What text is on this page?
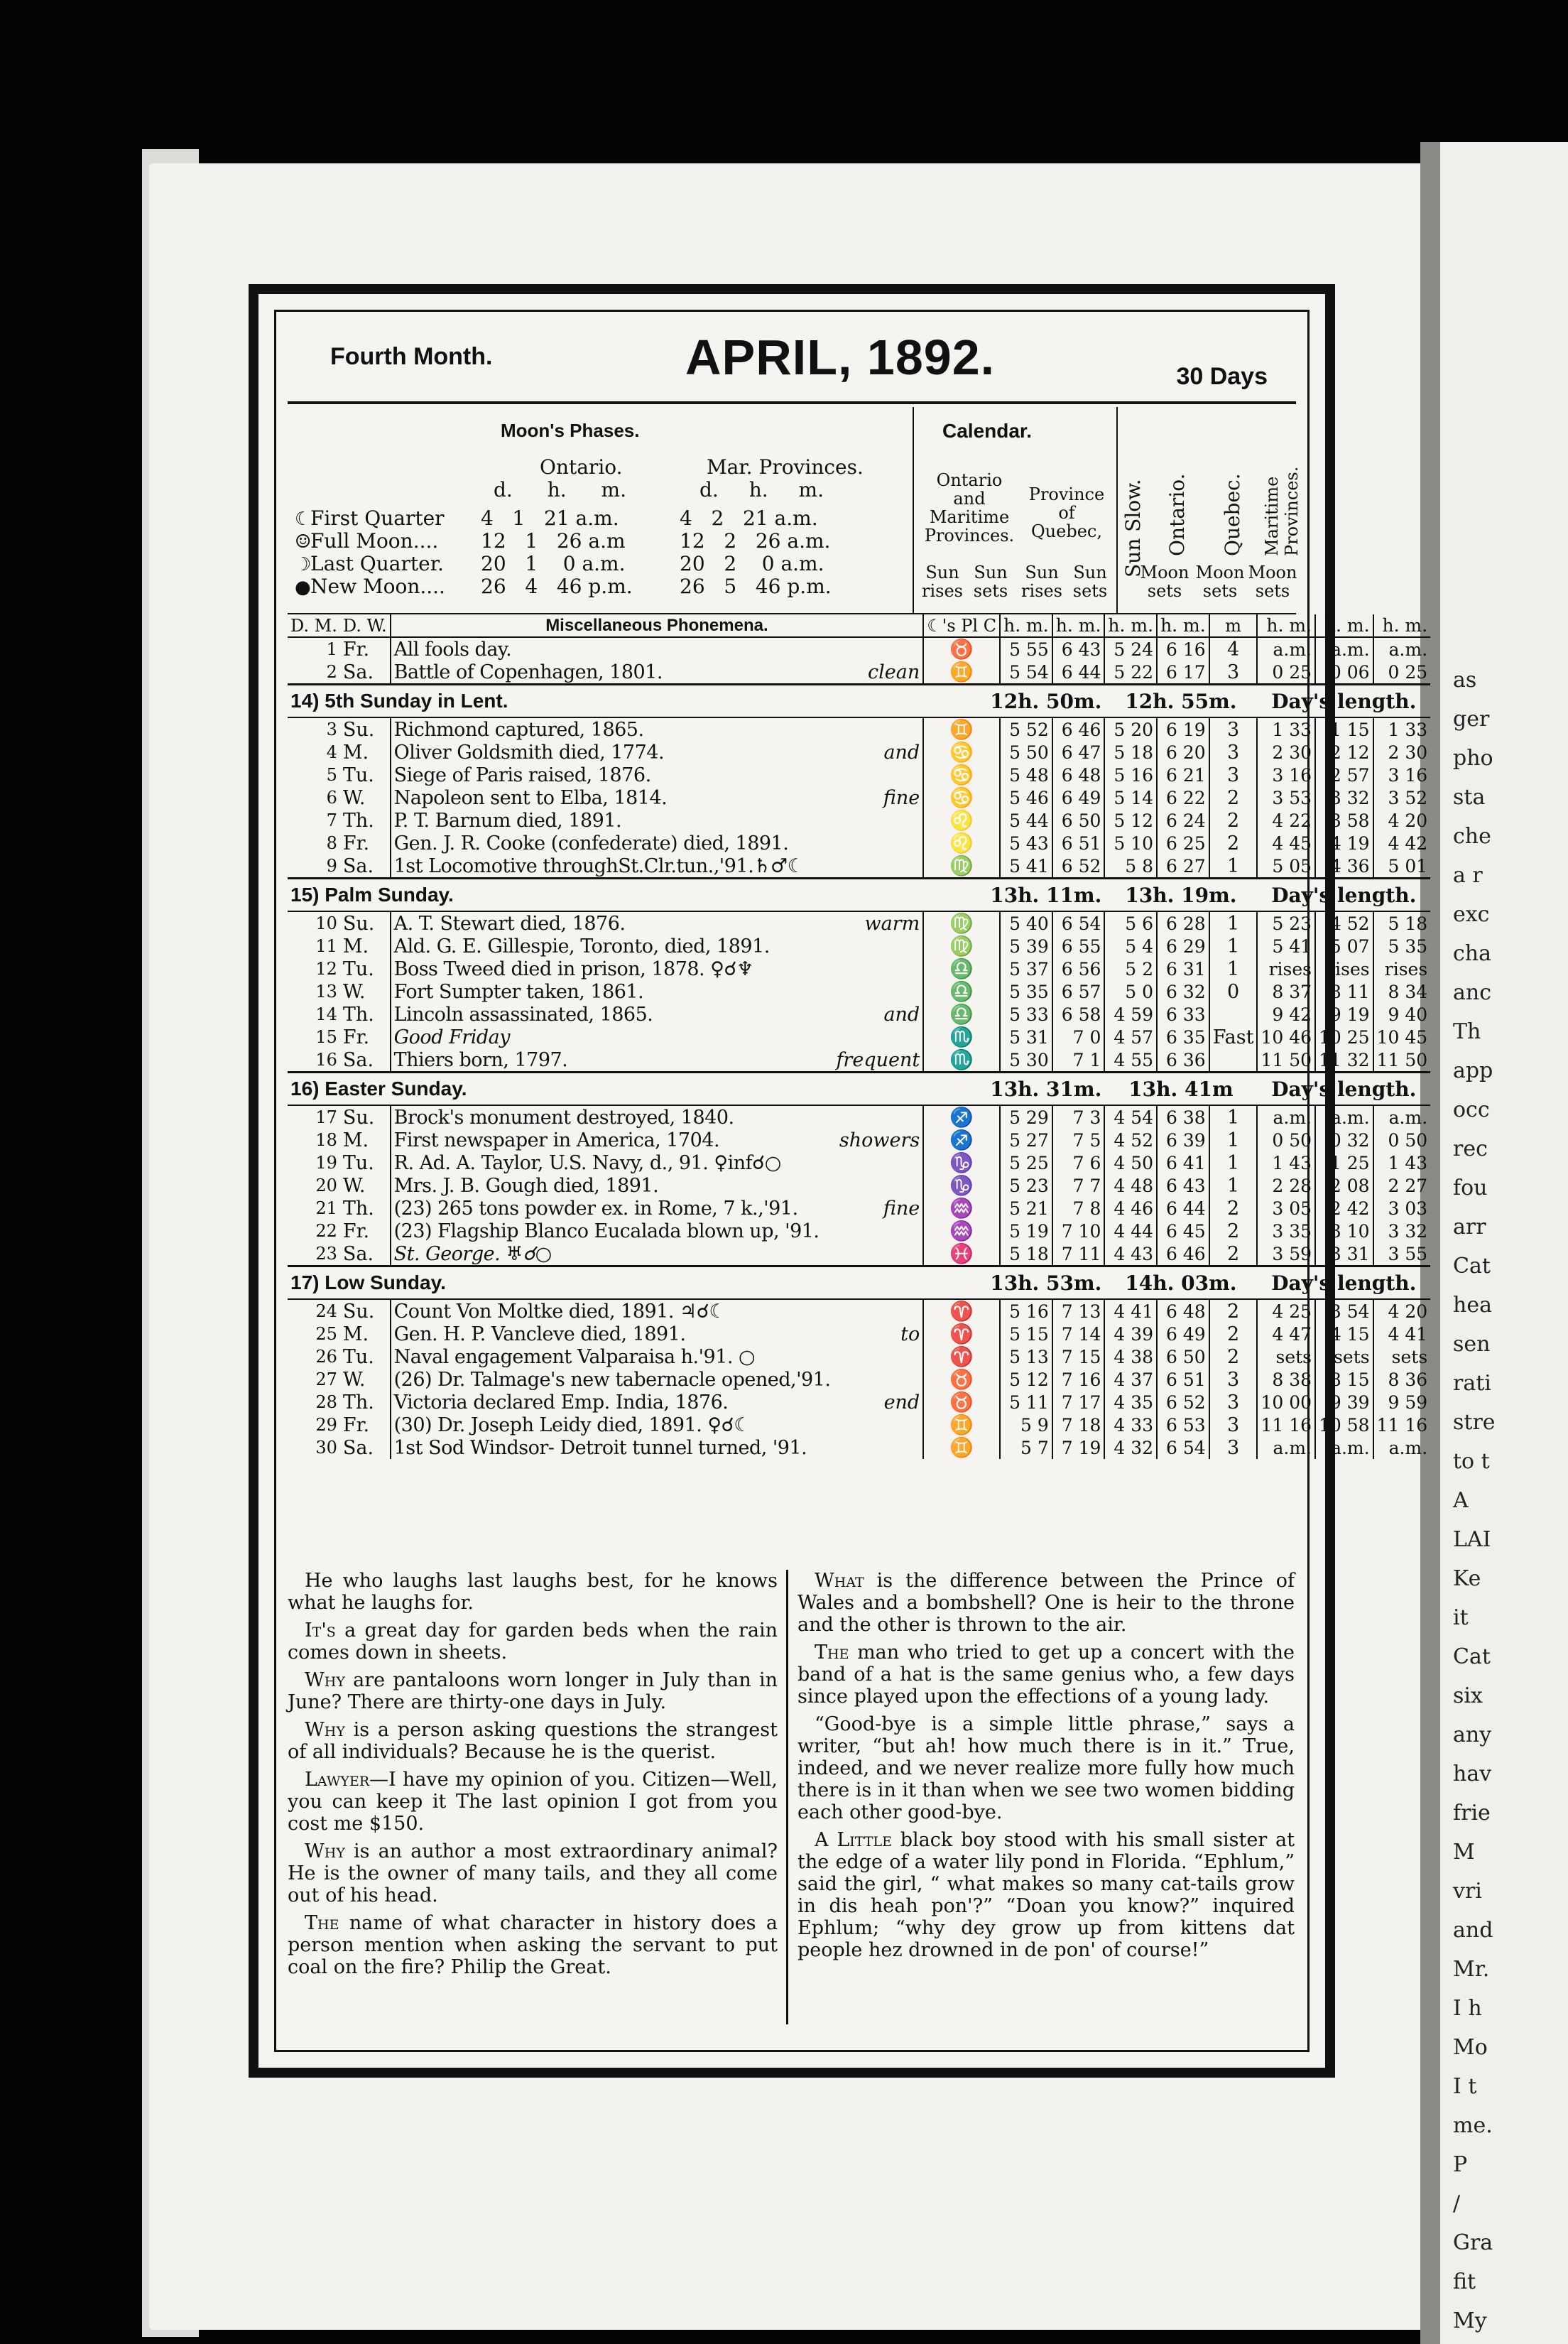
as
ger
pho
sta
che
a r
exc
cha
anc
Th
app
occ
rec
fou
arr
Cat
hea
sen
rati
stre
to t
A
LAI
Ke
it
Cat
six
any
hav
frie
M
vri
and
Mr.
I h
Mo
I t
me.
P
/
Gra
fit
My
Fourth Month.	APRIL, 1892.	30 Days
Moon's Phases.
Ontario.
d. h. m.
Mar. Provinces.
d. h. m.
☾First Quarter 4   1   21 a.m.	4   2   21 a.m.
☺Full Moon.... 12   1   26 a.m	12   2   26 a.m.
☽Last Quarter. 20   1    0 a.m.	20   2    0 a.m.
●New Moon.... 26   4   46 p.m. 26   5   46 p.m.
Calendar.
Ontario and Maritime Provinces.
Province of Quebec,
Sun rises
Sun sets
Sun rises
Sun sets
Sun Slow. Ontario. Quebec. Maritime Provinces.
Moon sets
Moon sets
Moon sets
D. M.	D. W.	Miscellaneous Phonemena.		☾'s Pl C	h. m.	h. m.	h. m.	h. m.	m	h. m.	h. m.	h. m.
1	Fr.	All fools day.		♉	5 55	6 43	5 24	6 16	4	a.m.	a.m.	a.m.
2	Sa.	Battle of Copenhagen, 1801.	clean	♊	5 54	6 44	5 22	6 17	3	0 25	0 06	0 25
14) 5th Sunday in Lent.				12h. 50m.			12h. 55m.			Day's length.		
3	Su.	Richmond captured, 1865.		♊	5 52	6 46	5 20	6 19	3	1 33	1 15	1 33
4	M.	Oliver Goldsmith died, 1774.	and	♋	5 50	6 47	5 18	6 20	3	2 30	2 12	2 30
5	Tu.	Siege of Paris raised, 1876.		♋	5 48	6 48	5 16	6 21	3	3 16	2 57	3 16
6	W.	Napoleon sent to Elba, 1814.	fine	♋	5 46	6 49	5 14	6 22	2	3 53	3 32	3 52
7	Th.	P. T. Barnum died, 1891.		♌	5 44	6 50	5 12	6 24	2	4 22	3 58	4 20
8	Fr.	Gen. J. R. Cooke (confederate) died, 1891.		♌	5 43	6 51	5 10	6 25	2	4 45	4 19	4 42
9	Sa.	1st Locomotive throughSt.Clr.tun.,'91.♄♂☾		♍	5 41	6 52	5 8	6 27	1	5 05	4 36	5 01
15) Palm Sunday.				13h. 11m.			13h. 19m.			Day's length.		
10	Su.	A. T. Stewart died, 1876.	warm	♍	5 40	6 54	5 6	6 28	1	5 23	4 52	5 18
11	M.	Ald. G. E. Gillespie, Toronto, died, 1891.		♍	5 39	6 55	5 4	6 29	1	5 41	5 07	5 35
12	Tu.	Boss Tweed died in prison, 1878. ♀☌♆		♎	5 37	6 56	5 2	6 31	1	rises	rises	rises
13	W.	Fort Sumpter taken, 1861.		♎	5 35	6 57	5 0	6 32	0	8 37	8 11	8 34
14	Th.	Lincoln assassinated, 1865.	and	♎	5 33	6 58	4 59	6 33		9 42	9 19	9 40
15	Fr.	Good Friday		♏	5 31	7 0	4 57	6 35	Fast	10 46	10 25	10 45
16	Sa.	Thiers born, 1797.	frequent	♏	5 30	7 1	4 55	6 36		11 50	11 32	11 50
16) Easter Sunday.				13h. 31m.			13h. 41m			Day's length.		
17	Su.	Brock's monument destroyed, 1840.		♐	5 29	7 3	4 54	6 38	1	a.m.	a.m.	a.m.
18	M.	First newspaper in America, 1704.	showers	♐	5 27	7 5	4 52	6 39	1	0 50	0 32	0 50
19	Tu.	R. Ad. A. Taylor, U.S. Navy, d., 91. ♀inf☌○		♑	5 25	7 6	4 50	6 41	1	1 43	1 25	1 43
20	W.	Mrs. J. B. Gough died, 1891.		♑	5 23	7 7	4 48	6 43	1	2 28	2 08	2 27
21	Th.	(23) 265 tons powder ex. in Rome, 7 k.,'91.	fine	♒	5 21	7 8	4 46	6 44	2	3 05	2 42	3 03
22	Fr.	(23) Flagship Blanco Eucalada blown up, '91.		♒	5 19	7 10	4 44	6 45	2	3 35	3 10	3 32
23	Sa.	St. George. ♅☌○		♓	5 18	7 11	4 43	6 46	2	3 59	3 31	3 55
17) Low Sunday.				13h. 53m.			14h. 03m.			Day's length.		
24	Su.	Count Von Moltke died, 1891. ♃☌☾		♈	5 16	7 13	4 41	6 48	2	4 25	3 54	4 20
25	M.	Gen. H. P. Vancleve died, 1891.	to	♈	5 15	7 14	4 39	6 49	2	4 47	4 15	4 41
26	Tu.	Naval engagement Valparaisa h.'91. ○		♈	5 13	7 15	4 38	6 50	2	sets	sets	sets
27	W.	(26) Dr. Talmage's new tabernacle opened,'91.		♉	5 12	7 16	4 37	6 51	3	8 38	8 15	8 36
28	Th.	Victoria declared Emp. India, 1876.	end	♉	5 11	7 17	4 35	6 52	3	10 00	9 39	9 59
29	Fr.	(30) Dr. Joseph Leidy died, 1891. ♀☌☾		♊	5 9	7 18	4 33	6 53	3	11 16	10 58	11 16
30	Sa.	1st Sod Windsor- Detroit tunnel turned, '91.		♊	5 7	7 19	4 32	6 54	3	a.m.	a.m.	a.m.

He who laughs last laughs best, for he knows what he laughs for.

It's a great day for garden beds when the rain comes down in sheets.

Why are pantaloons worn longer in July than in June? There are thirty-one days in July.

Why is a person asking questions the strangest of all individuals? Because he is the querist.

Lawyer—I have my opinion of you. Citizen—Well, you can keep it The last opinion I got from you cost me $150.

Why is an author a most extraordinary animal? He is the owner of many tails, and they all come out of his head.

The name of what character in history does a person mention when asking the servant to put coal on the fire? Philip the Great.

What is the difference between the Prince of Wales and a bombshell? One is heir to the throne and the other is thrown to the air.

The man who tried to get up a concert with the band of a hat is the same genius who, a few days since played upon the effections of a young lady.

“Good-bye is a simple little phrase,” says a writer, “but ah! how much there is in it.” True, indeed, and we never realize more fully how much there is in it than when we see two women bidding each other good-bye.

A Little black boy stood with his small sister at the edge of a water lily pond in Florida. “Ephlum,” said the girl, “ what makes so many cat-tails grow in dis heah pon'?” “Doan you know?” inquired Ephlum; “why dey grow up from kittens dat people hez drowned in de pon' of course!”
